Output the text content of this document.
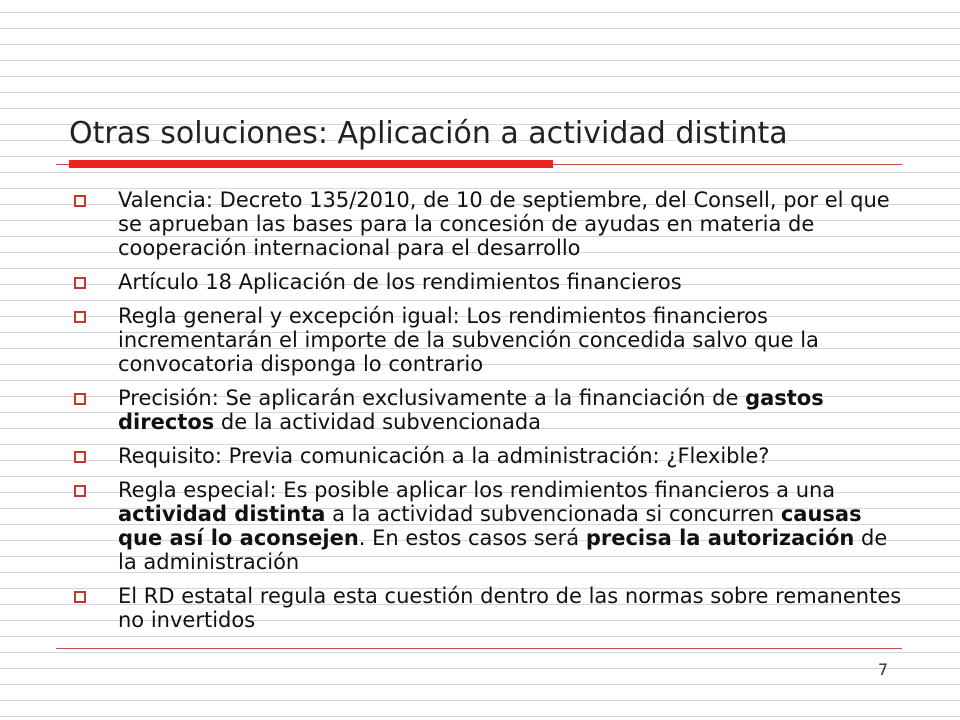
Otras soluciones: Aplicación a actividad distinta
Valencia: Decreto 135/2010, de 10 de septiembre, del Consell, por el que se aprueban las bases para la concesión de ayudas en materia de cooperación internacional para el desarrollo
Artículo 18 Aplicación de los rendimientos financieros
Regla general y excepción igual: Los rendimientos financieros incrementarán el importe de la subvención concedida salvo que la convocatoria disponga lo contrario
Precisión: Se aplicarán exclusivamente a la financiación de gastos directos de la actividad subvencionada
Requisito: Previa comunicación a la administración: ¿Flexible?
Regla especial: Es posible aplicar los rendimientos financieros a una actividad distinta a la actividad subvencionada si concurren causas que así lo aconsejen. En estos casos será precisa la autorización de la administración
El RD estatal regula esta cuestión dentro de las normas sobre remanentes no invertidos
7
